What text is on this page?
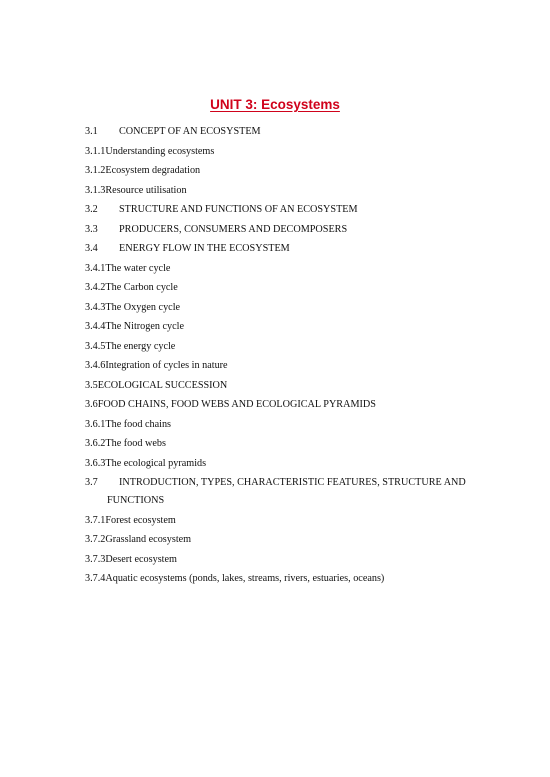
UNIT 3: Ecosystems
3.1 CONCEPT OF AN ECOSYSTEM
3.1.1Understanding ecosystems
3.1.2Ecosystem degradation
3.1.3Resource utilisation
3.2 STRUCTURE AND FUNCTIONS OF AN ECOSYSTEM
3.3 PRODUCERS, CONSUMERS AND DECOMPOSERS
3.4 ENERGY FLOW IN THE ECOSYSTEM
3.4.1The water cycle
3.4.2The Carbon cycle
3.4.3The Oxygen cycle
3.4.4The Nitrogen cycle
3.4.5The energy cycle
3.4.6Integration of cycles in nature
3.5ECOLOGICAL SUCCESSION
3.6FOOD CHAINS, FOOD WEBS AND ECOLOGICAL PYRAMIDS
3.6.1The food chains
3.6.2The food webs
3.6.3The ecological pyramids
3.7 INTRODUCTION, TYPES, CHARACTERISTIC FEATURES, STRUCTURE AND
FUNCTIONS
3.7.1Forest ecosystem
3.7.2Grassland ecosystem
3.7.3Desert ecosystem
3.7.4Aquatic ecosystems (ponds, lakes, streams, rivers, estuaries, oceans)
